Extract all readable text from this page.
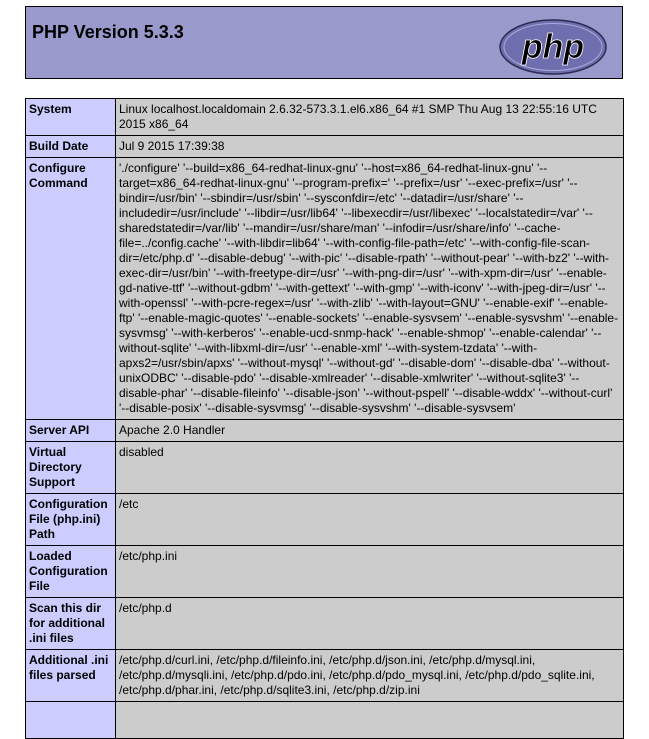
PHP Version 5.3.3	php
System	Linux localhost.localdomain 2.6.32-573.3.1.el6.x86_64 #1 SMP Thu Aug 13 22:55:16 UTC 2015 x86_64
Build Date	Jul 9 2015 17:39:38
Configure Command	'./configure' '--build=x86_64-redhat-linux-gnu' '--host=x86_64-redhat-linux-gnu' '--target=x86_64-redhat-linux-gnu' '--program-prefix=' '--prefix=/usr' '--exec-prefix=/usr' '--bindir=/usr/bin' '--sbindir=/usr/sbin' '--sysconfdir=/etc' '--datadir=/usr/share' '--includedir=/usr/include' '--libdir=/usr/lib64' '--libexecdir=/usr/libexec' '--localstatedir=/var' '--sharedstatedir=/var/lib' '--mandir=/usr/share/man' '--infodir=/usr/share/info' '--cache-file=../config.cache' '--with-libdir=lib64' '--with-config-file-path=/etc' '--with-config-file-scan-dir=/etc/php.d' '--disable-debug' '--with-pic' '--disable-rpath' '--without-pear' '--with-bz2' '--with-exec-dir=/usr/bin' '--with-freetype-dir=/usr' '--with-png-dir=/usr' '--with-xpm-dir=/usr' '--enable-gd-native-ttf' '--without-gdbm' '--with-gettext' '--with-gmp' '--with-iconv' '--with-jpeg-dir=/usr' '--with-openssl' '--with-pcre-regex=/usr' '--with-zlib' '--with-layout=GNU' '--enable-exif' '--enable-ftp' '--enable-magic-quotes' '--enable-sockets' '--enable-sysvsem' '--enable-sysvshm' '--enable-sysvmsg' '--with-kerberos' '--enable-ucd-snmp-hack' '--enable-shmop' '--enable-calendar' '--without-sqlite' '--with-libxml-dir=/usr' '--enable-xml' '--with-system-tzdata' '--with-apxs2=/usr/sbin/apxs' '--without-mysql' '--without-gd' '--disable-dom' '--disable-dba' '--without-unixODBC' '--disable-pdo' '--disable-xmlreader' '--disable-xmlwriter' '--without-sqlite3' '--disable-phar' '--disable-fileinfo' '--disable-json' '--without-pspell' '--disable-wddx' '--without-curl' '--disable-posix' '--disable-sysvmsg' '--disable-sysvshm' '--disable-sysvsem'
Server API	Apache 2.0 Handler
Virtual Directory Support	disabled
Configuration File (php.ini) Path	/etc
Loaded Configuration File	/etc/php.ini
Scan this dir for additional .ini files	/etc/php.d
Additional .ini files parsed	/etc/php.d/curl.ini, /etc/php.d/fileinfo.ini, /etc/php.d/json.ini, /etc/php.d/mysql.ini, /etc/php.d/mysqli.ini, /etc/php.d/pdo.ini, /etc/php.d/pdo_mysql.ini, /etc/php.d/pdo_sqlite.ini, /etc/php.d/phar.ini, /etc/php.d/sqlite3.ini, /etc/php.d/zip.ini
